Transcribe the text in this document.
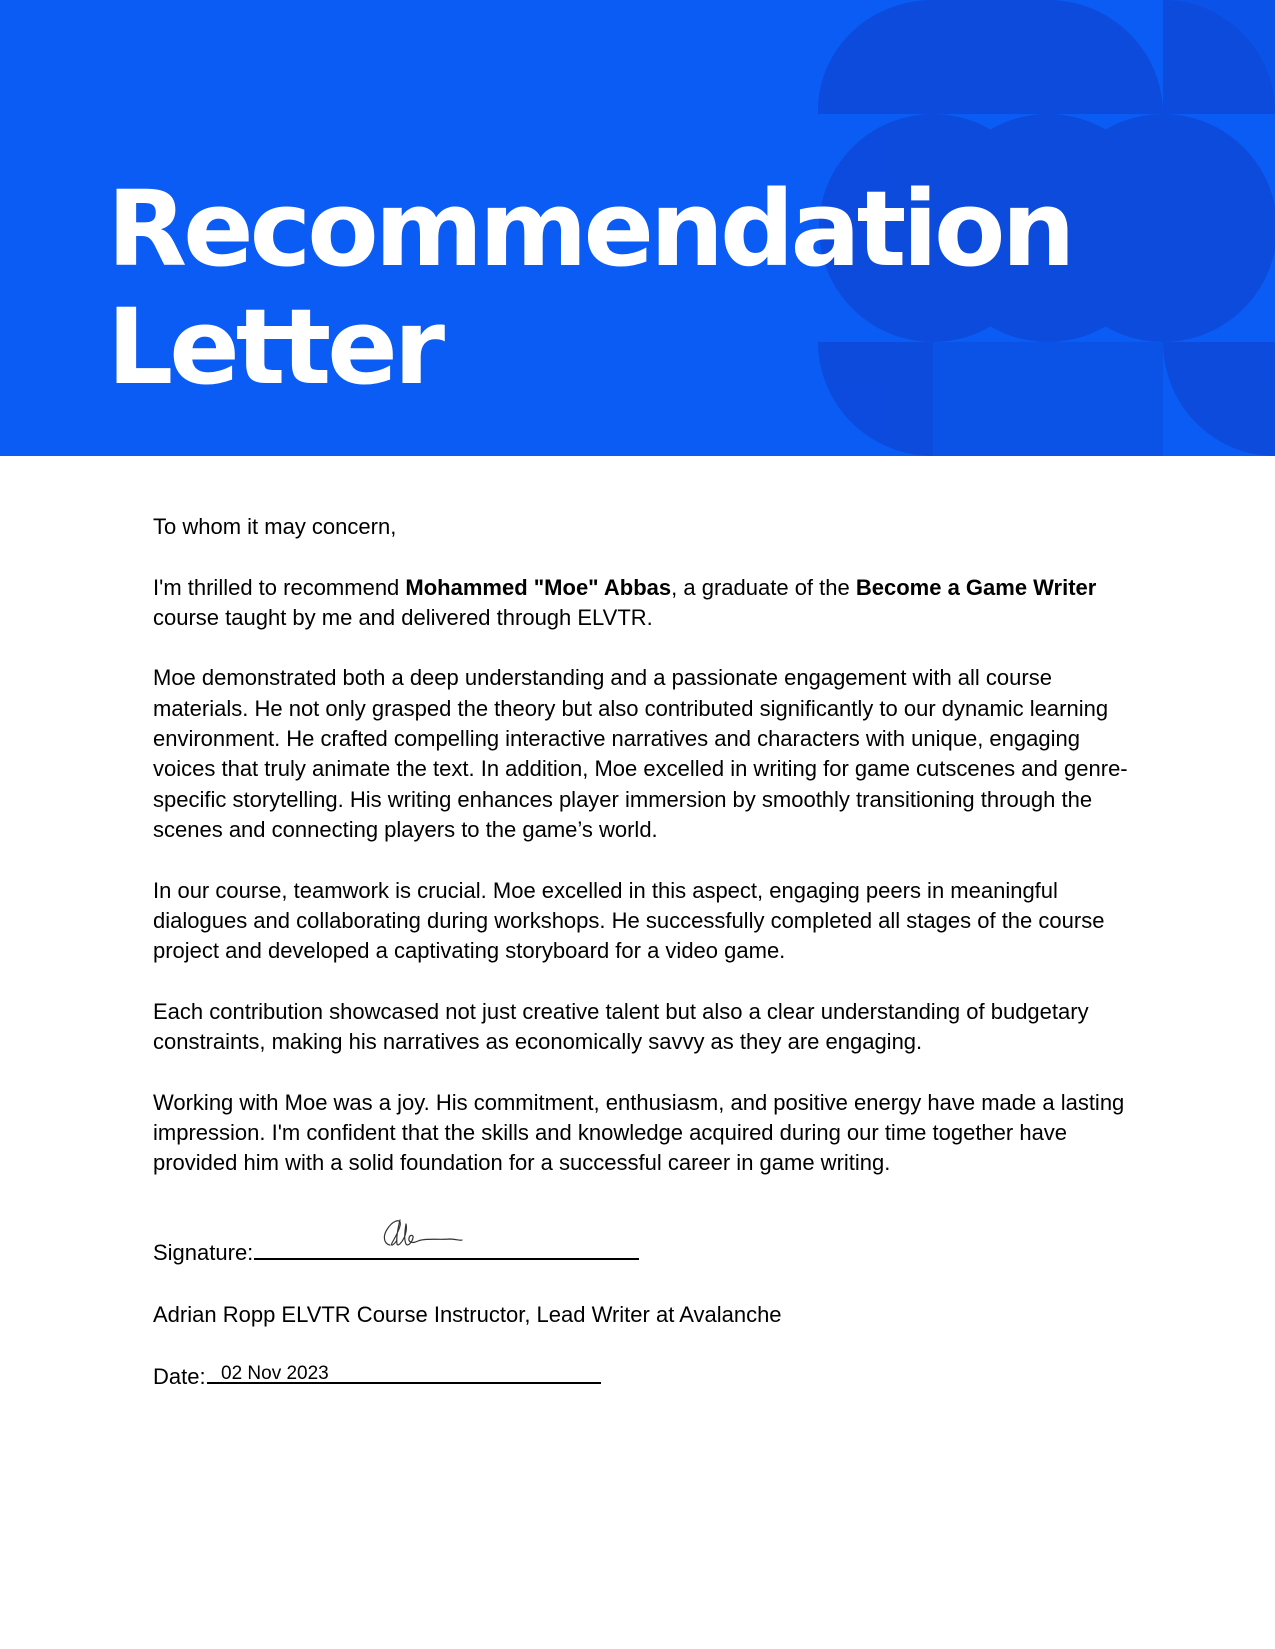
Recommendation
Letter

To whom it may concern,

I'm thrilled to recommend Mohammed "Moe" Abbas, a graduate of the Become a Game Writer course taught by me and delivered through ELVTR.

Moe demonstrated both a deep understanding and a passionate engagement with all course materials. He not only grasped the theory but also contributed significantly to our dynamic learning environment. He crafted compelling interactive narratives and characters with unique, engaging voices that truly animate the text. In addition, Moe excelled in writing for game cutscenes and genre-specific storytelling. His writing enhances player immersion by smoothly transitioning through the scenes and connecting players to the game’s world.

In our course, teamwork is crucial. Moe excelled in this aspect, engaging peers in meaningful dialogues and collaborating during workshops. He successfully completed all stages of the course project and developed a captivating storyboard for a video game.

Each contribution showcased not just creative talent but also a clear understanding of budgetary constraints, making his narratives as economically savvy as they are engaging.

Working with Moe was a joy. His commitment, enthusiasm, and positive energy have made a lasting impression. I'm confident that the skills and knowledge acquired during our time together have provided him with a solid foundation for a successful career in game writing.

Signature:
Adrian Ropp ELVTR Course Instructor, Lead Writer at Avalanche
Date: 02 Nov 2023
